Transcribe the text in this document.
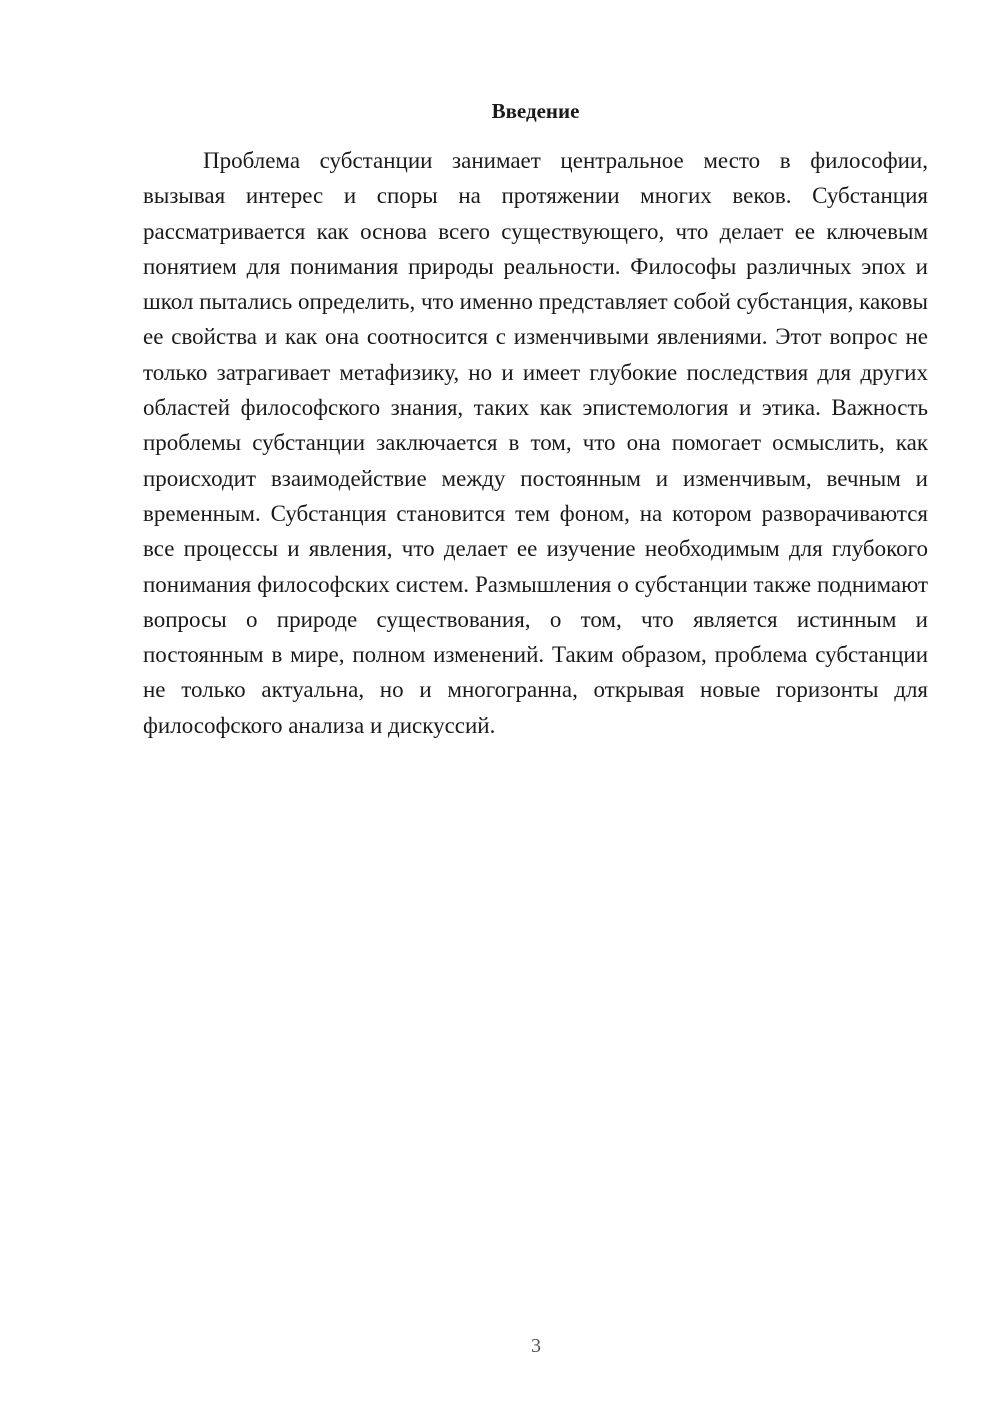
Введение

Проблема субстанции занимает центральное место в философии, вызывая интерес и споры на протяжении многих веков. Субстанция рассматривается как основа всего существующего, что делает ее ключевым понятием для понимания природы реальности. Философы различных эпох и школ пытались определить, что именно представляет собой субстанция, каковы ее свойства и как она соотносится с изменчивыми явлениями. Этот вопрос не только затрагивает метафизику, но и имеет глубокие последствия для других областей философского знания, таких как эпистемология и этика. Важность проблемы субстанции заключается в том, что она помогает осмыслить, как происходит взаимодействие между постоянным и изменчивым, вечным и временным. Субстанция становится тем фоном, на котором разворачиваются все процессы и явления, что делает ее изучение необходимым для глубокого понимания философских систем. Размышления о субстанции также поднимают вопросы о природе существования, о том, что является истинным и постоянным в мире, полном изменений. Таким образом, проблема субстанции не только актуальна, но и многогранна, открывая новые горизонты для философского анализа и дискуссий.

3
